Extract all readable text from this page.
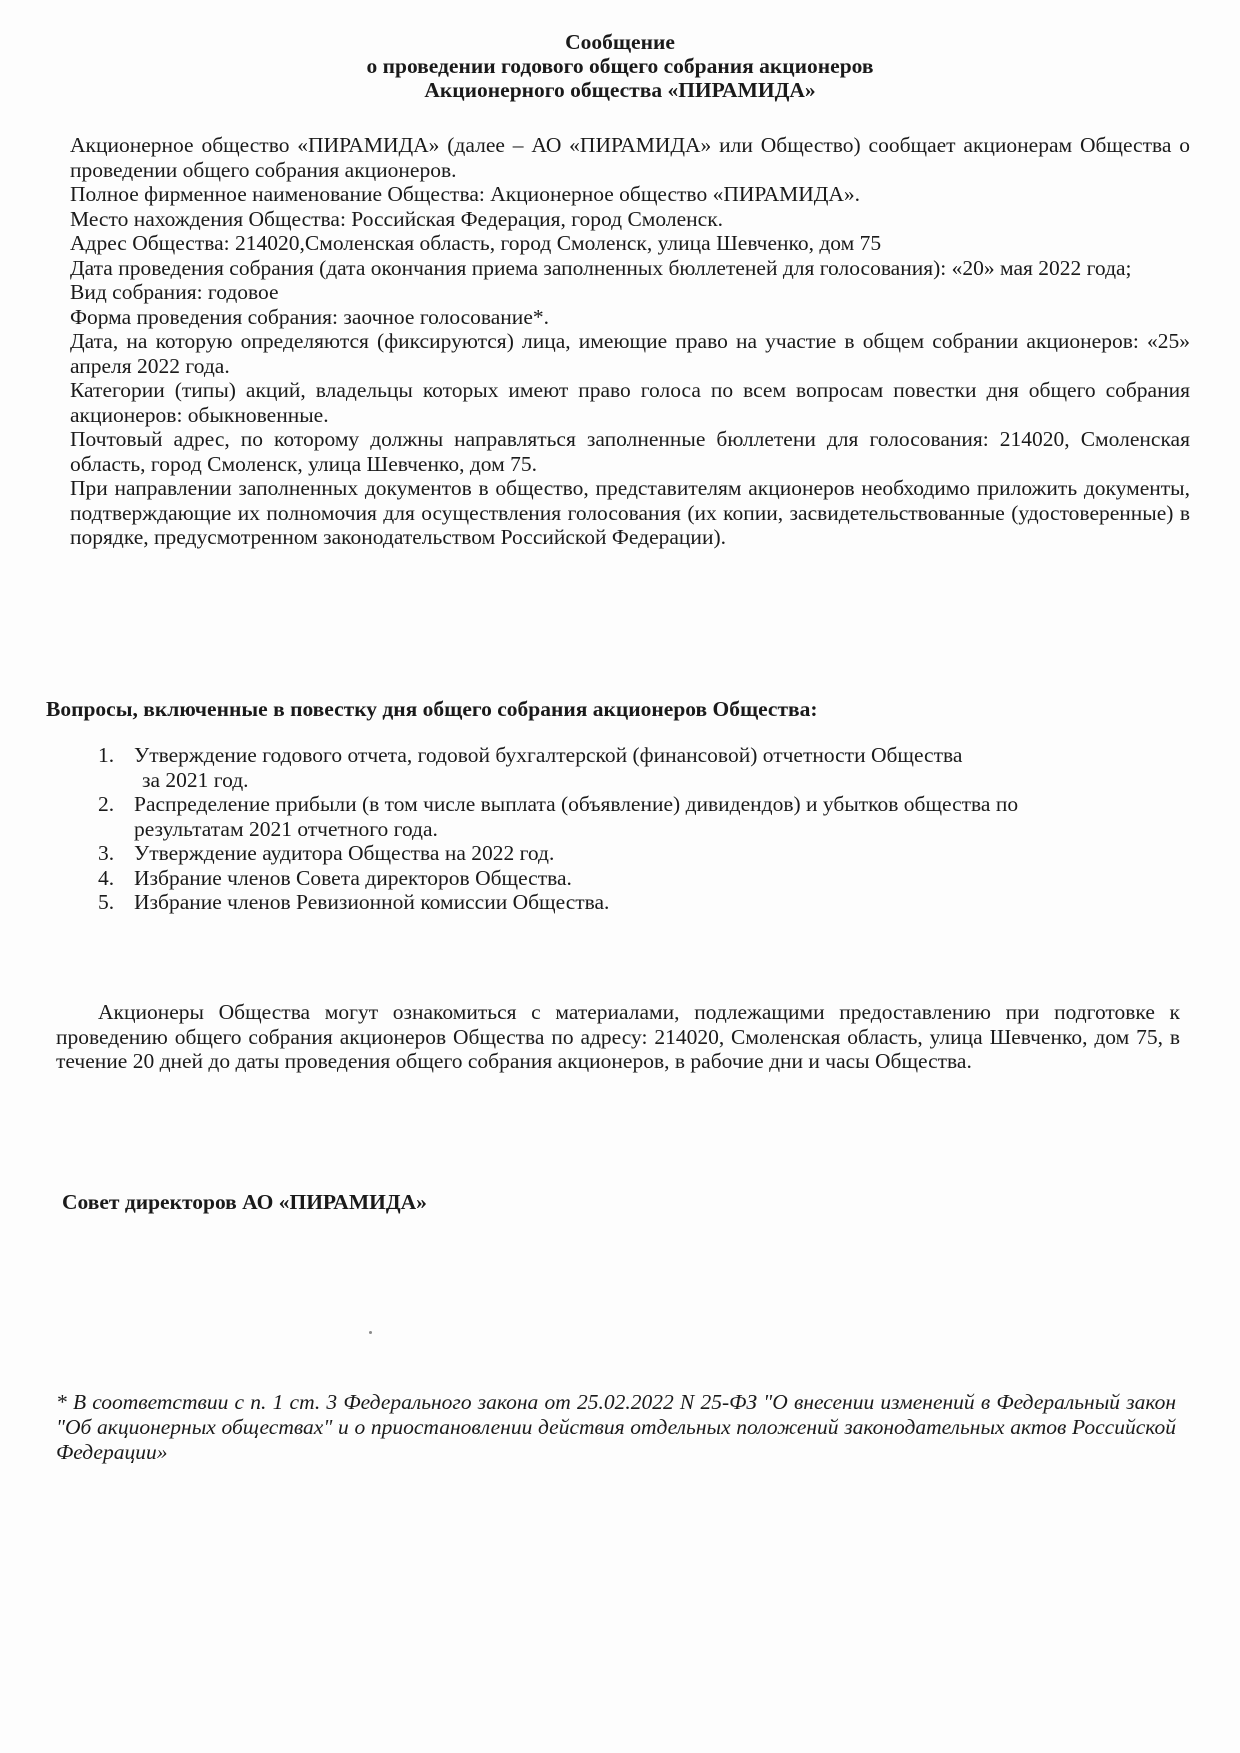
Сообщение
о проведении годового общего собрания акционеров
Акционерного общества «ПИРАМИДА»

Акционерное общество «ПИРАМИДА» (далее – АО «ПИРАМИДА» или Общество) сообщает акционерам Общества о проведении общего собрания акционеров.

Полное фирменное наименование Общества: Акционерное общество «ПИРАМИДА».

Место нахождения Общества: Российская Федерация, город Смоленск.

Адрес Общества: 214020,Смоленская область, город Смоленск, улица Шевченко, дом 75

Дата проведения собрания (дата окончания приема заполненных бюллетеней для голосования): «20» мая 2022 года;

Вид собрания: годовое

Форма проведения собрания: заочное голосование*.

Дата, на которую определяются (фиксируются) лица, имеющие право на участие в общем собрании акционеров: «25» апреля 2022 года.

Категории (типы) акций, владельцы которых имеют право голоса по всем вопросам повестки дня общего собрания акционеров: обыкновенные.

Почтовый адрес, по которому должны направляться заполненные бюллетени для голосования: 214020, Смоленская область, город Смоленск, улица Шевченко, дом 75.

При направлении заполненных документов в общество, представителям акционеров необходимо приложить документы, подтверждающие их полномочия для осуществления голосования (их копии, засвидетельствованные (удостоверенные) в порядке, предусмотренном законодательством Российской Федерации).

Вопросы, включенные в повестку дня общего собрания акционеров Общества:
1. Утверждение годового отчета, годовой бухгалтерской (финансовой) отчетности Общества
за 2021 год.
2. Распределение прибыли (в том числе выплата (объявление) дивидендов) и убытков общества по
результатам 2021 отчетного года.
3. Утверждение аудитора Общества на 2022 год.
4. Избрание членов Совета директоров Общества.
5. Избрание членов Ревизионной комиссии Общества.

Акционеры Общества могут ознакомиться с материалами, подлежащими предоставлению при подготовке к проведению общего собрания акционеров Общества по адресу: 214020, Смоленская область, улица Шевченко, дом 75, в течение 20 дней до даты проведения общего собрания акционеров, в рабочие дни и часы Общества.

Совет директоров АО «ПИРАМИДА»

* В соответствии с п. 1 ст. 3 Федерального закона от 25.02.2022 N 25-ФЗ "О внесении изменений в Федеральный закон "Об акционерных обществах" и о приостановлении действия отдельных положений законодательных актов Российской Федерации»
